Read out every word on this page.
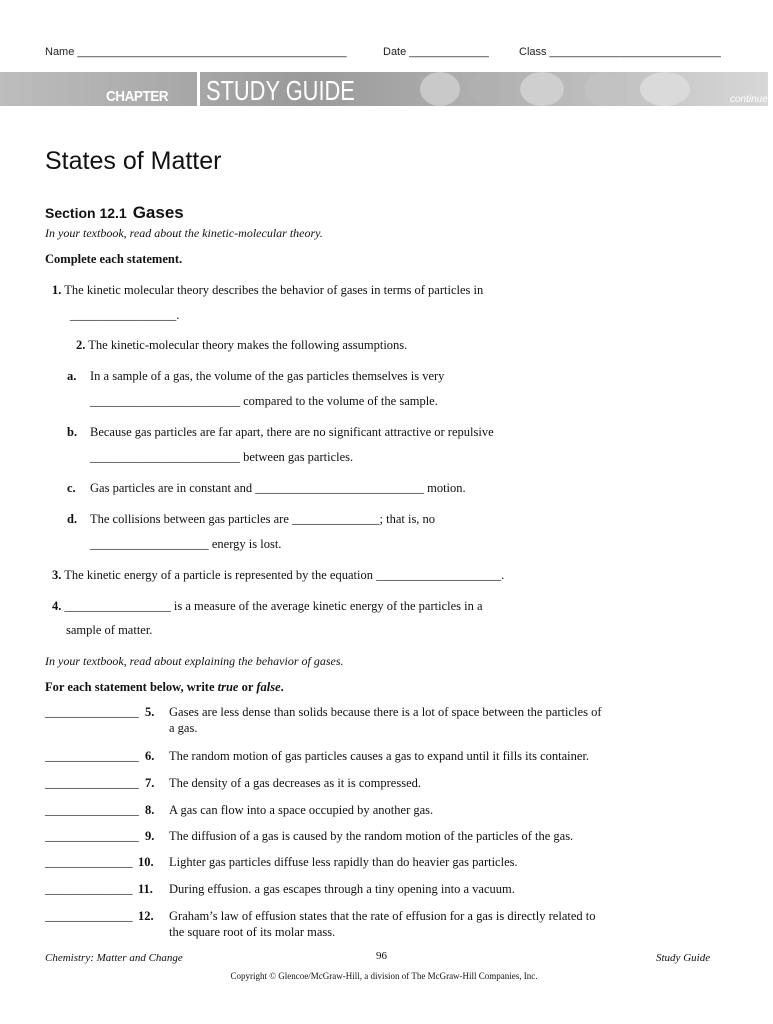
Name ____________________________________________	Date _____________	Class ____________________________
CHAPTER STUDY GUIDE	continued
States of Matter
Section 12.1 Gases
In your textbook, read about the kinetic-molecular theory.
Complete each statement.
1. The kinetic molecular theory describes the behavior of gases in terms of particles in
_________________.
2. The kinetic-molecular theory makes the following assumptions.
a. In a sample of a gas, the volume of the gas particles themselves is very
________________________ compared to the volume of the sample.
b. Because gas particles are far apart, there are no significant attractive or repulsive
________________________ between gas particles.
c. Gas particles are in constant and ___________________________ motion.
d. The collisions between gas particles are ______________; that is, no
___________________ energy is lost.
3. The kinetic energy of a particle is represented by the equation ____________________.
4. _________________ is a measure of the average kinetic energy of the particles in a
sample of matter.
In your textbook, read about explaining the behavior of gases.
For each statement below, write true or false.
_______________ 5. Gases are less dense than solids because there is a lot of space between the particles of
a gas.
_______________ 6. The random motion of gas particles causes a gas to expand until it fills its container.
_______________ 7. The density of a gas decreases as it is compressed.
_______________ 8. A gas can flow into a space occupied by another gas.
_______________ 9. The diffusion of a gas is caused by the random motion of the particles of the gas.
______________ 10. Lighter gas particles diffuse less rapidly than do heavier gas particles.
______________ 11. During effusion. a gas escapes through a tiny opening into a vacuum.
______________ 12. Graham’s law of effusion states that the rate of effusion for a gas is directly related to
the square root of its molar mass.
Chemistry: Matter and Change	96	Study Guide
Copyright © Glencoe/McGraw-Hill, a division of The McGraw-Hill Companies, Inc.
